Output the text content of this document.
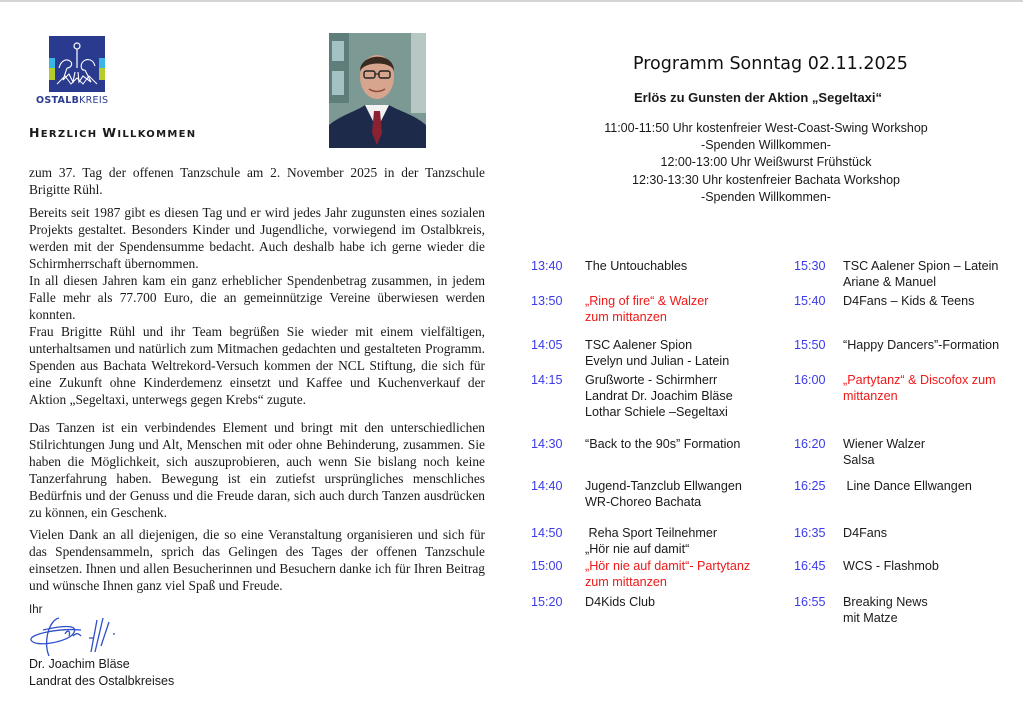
OSTALBKREIS
HERZLICH WILLKOMMEN

zum 37. Tag der offenen Tanzschule am 2. November 2025 in der Tanzschule Brigitte Rühl.

Bereits seit 1987 gibt es diesen Tag und er wird jedes Jahr zugunsten eines sozialen Projekts gestaltet. Besonders Kinder und Jugendliche, vorwiegend im Ostalbkreis, werden mit der Spendensumme bedacht. Auch deshalb habe ich gerne wieder die Schirmherrschaft übernommen.

In all diesen Jahren kam ein ganz erheblicher Spendenbetrag zusammen, in jedem Falle mehr als 77.700 Euro, die an gemeinnützige Vereine überwiesen werden konnten.

Frau Brigitte Rühl und ihr Team begrüßen Sie wieder mit einem vielfältigen, unterhaltsamen und natürlich zum Mitmachen gedachten und gestalteten Programm. Spenden aus Bachata Weltrekord-Versuch kommen der NCL Stiftung, die sich für eine Zukunft ohne Kinderdemenz einsetzt und Kaffee und Kuchenverkauf der Aktion „Segeltaxi, unterwegs gegen Krebs“ zugute.

Das Tanzen ist ein verbindendes Element und bringt mit den unterschiedlichen Stilrichtungen Jung und Alt, Menschen mit oder ohne Behinderung, zusammen. Sie haben die Möglichkeit, sich auszuprobieren, auch wenn Sie bislang noch keine Tanzerfahrung haben. Bewegung ist ein zutiefst ursprüngliches menschliches Bedürfnis und der Genuss und die Freude daran, sich auch durch Tanzen ausdrücken zu können, ein Geschenk.

Vielen Dank an all diejenigen, die so eine Veranstaltung organisieren und sich für das Spendensammeln, sprich das Gelingen des Tages der offenen Tanzschule einsetzen. Ihnen und allen Besucherinnen und Besuchern danke ich für Ihren Beitrag und wünsche Ihnen ganz viel Spaß und Freude.

Ihr
Dr. Joachim Bläse
Landrat des Ostalbkreises
Programm Sonntag 02.11.2025
Erlös zu Gunsten der Aktion „Segeltaxi“
11:00-11:50 Uhr kostenfreier West-Coast-Swing Workshop
-Spenden Willkommen-
12:00-13:00 Uhr Weißwurst Frühstück
12:30-13:30 Uhr kostenfreier Bachata Workshop
-Spenden Willkommen-
13:40 The Untouchables
13:50 „Ring of fire“ & Walzer
zum mittanzen
14:05 TSC Aalener Spion
Evelyn und Julian - Latein
14:15 Grußworte - Schirmherr
Landrat Dr. Joachim Bläse
Lothar Schiele –Segeltaxi
14:30 “Back to the 90s” Formation
14:40 Jugend-Tanzclub Ellwangen
WR-Choreo Bachata
14:50 Reha Sport Teilnehmer
„Hör nie auf damit“
15:00 „Hör nie auf damit“- Partytanz
zum mittanzen
15:20 D4Kids Club
15:30 TSC Aalener Spion – Latein
Ariane & Manuel
15:40 D4Fans – Kids & Teens
15:50 “Happy Dancers”-Formation
16:00 „Partytanz“ & Discofox zum
mittanzen
16:20 Wiener Walzer
Salsa
16:25 Line Dance Ellwangen
16:35 D4Fans
16:45 WCS - Flashmob
16:55 Breaking News
mit Matze
